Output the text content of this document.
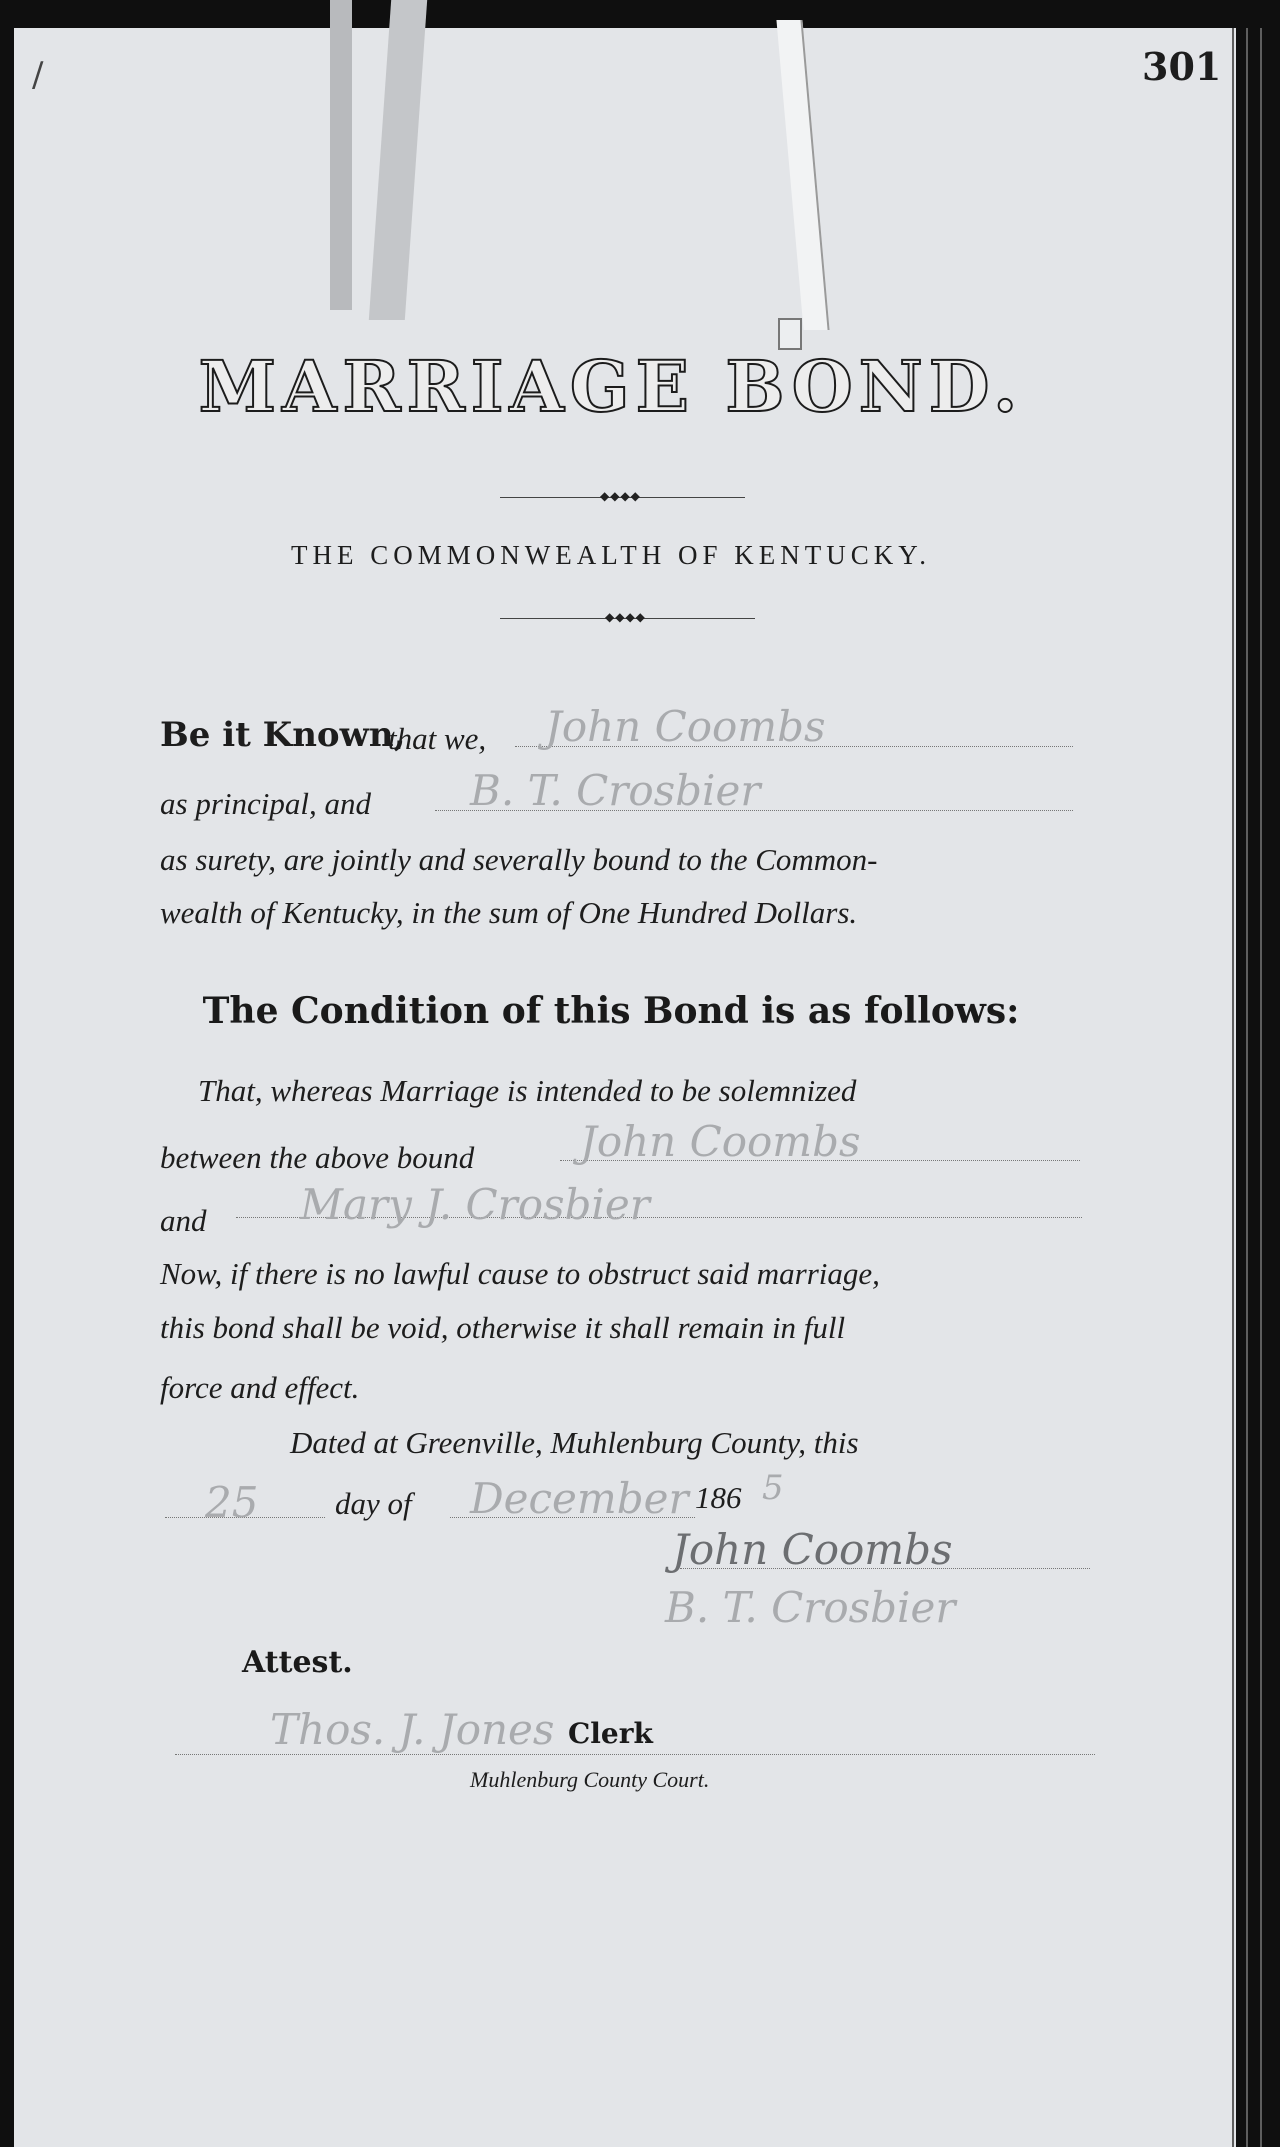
301
/
MARRIAGE BOND.
◆◆◆◆
THE COMMONWEALTH OF KENTUCKY.
◆◆◆◆
Be it Known,
that we, John Coombs
as principal, and B. T. Crosbier
as surety, are jointly and severally bound to the Common-
wealth of Kentucky, in the sum of One Hundred Dollars.
The Condition of this Bond is as follows:
That, whereas Marriage is intended to be solemnized
between the above bound	John Coombs
and Mary J. Crosbier
Now, if there is no lawful cause to obstruct said marriage,
this bond shall be void, otherwise it shall remain in full
force and effect.
Dated at Greenville, Muhlenburg County, this
25 day of December 186 5
John Coombs
B. T. Crosbier
Attest.
Thos. J. Jones Clerk
Muhlenburg County Court.
